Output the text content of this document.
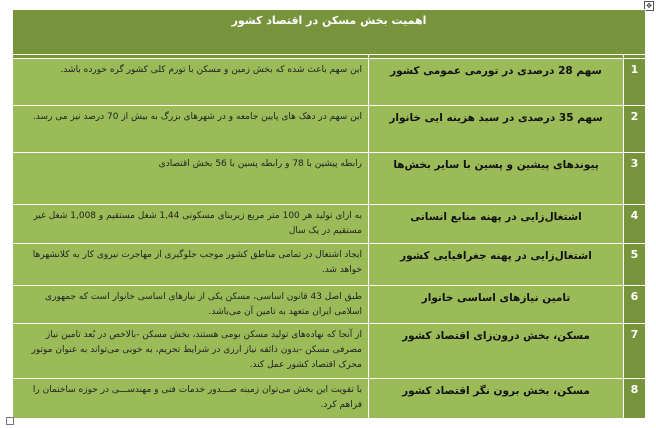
✥
اهمیت بخش مسکن در اقتصاد کشور		

1	سهم 28 درصدی در تورمی عمومی کشور	این سهم باعث شده که بخش زمین و مسکن با تورم کلی کشور گره خورده باشد.
2	سهم 35 درصدی در سبد هزینه ایی خانوار	این سهم در دهک های پایین جامعه و در شهرهای بزرگ به بیش از 70 درصد نیز می رسد.
3	پیوندهای پیشین و پسین با سایر بخش‌ها	رابطه پیشین با 78 و رابطه پسین با 56 بخش اقتصادی
4	اشتغال‌زایی در پهنه منابع انسانی	به ازای تولید هر 100 متر مربع زیربنای مسکونی 1,44 شغل مستقیم و 1,008 شغل غیر مستقیم در یک سال
5	اشتغال‌زایی در پهنه جغرافیایی کشور	ایجاد اشتغال در تمامی مناطق کشور موجب جلوگیری از مهاجرت نیروی کار به کلانشهرها خواهد شد.
6	تامین نیازهای اساسی خانوار	طبق اصل 43 قانون اساسی، مسکن یکی از نیازهای اساسی خانوار است که جمهوری اسلامی ایران متعهد به تامین آن می‌باشد.
7	مسکن، بخش درون‌زای اقتصاد کشور	از آنجا که نهاده‌های تولید مسکن بومی هستند، بخش مسکن -بالاخص در بُعد تامین نیاز مصرفی مسکن -بدون ذائقه نیاز ارزی در شرایط تحریم، به خوبی می‌تواند به عنوان موتور محرک اقتصاد کشور عمل کند.
8	مسکن، بخش برون نگر اقتصاد کشور	با تقویت این بخش می‌توان زمینه صـــدور خدمات فنی و مهندســـی در حوزه ساختمان را فراهم کرد.
